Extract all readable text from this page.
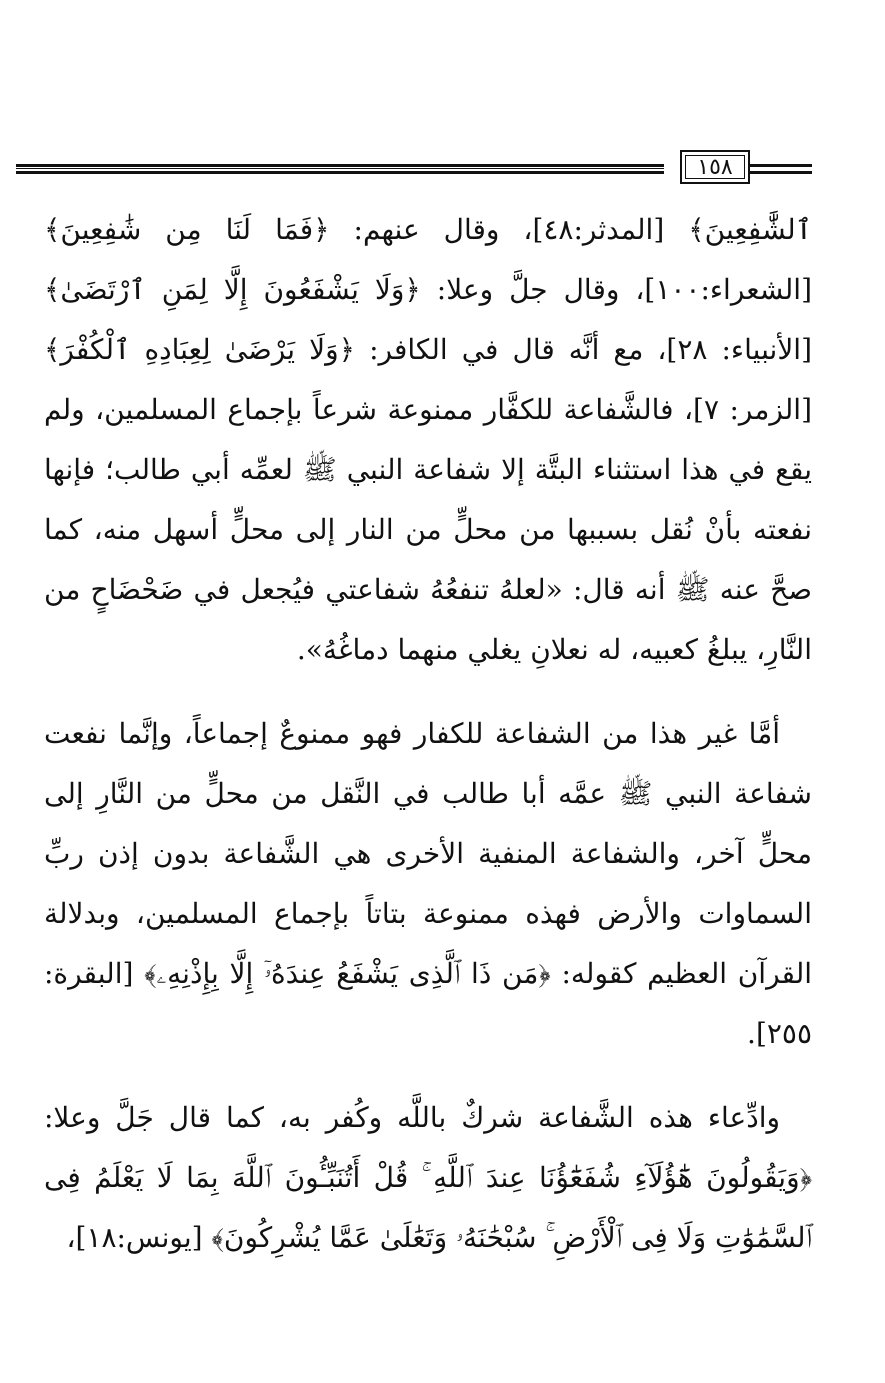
١٥٨

ٱلشَّٰفِعِينَ﴾ [المدثر:٤٨]، وقال عنهم: ﴿فَمَا لَنَا مِن شَٰفِعِينَ﴾ [الشعراء:١٠٠]، وقال جلَّ وعلا: ﴿وَلَا يَشْفَعُونَ إِلَّا لِمَنِ ٱرْتَضَىٰ﴾ [الأنبياء: ٢٨]، مع أنَّه قال في الكافر: ﴿وَلَا يَرْضَىٰ لِعِبَادِهِ ٱلْكُفْرَ﴾ [الزمر: ٧]، فالشَّفاعة للكفَّار ممنوعة شرعاً بإجماع المسلمين، ولم يقع في هذا استثناء البتَّة إلا شفاعة النبي ﷺ لعمِّه أبي طالب؛ فإنها نفعته بأنْ نُقل بسببها من محلٍّ من النار إلى محلٍّ أسهل منه، كما صحَّ عنه ﷺ أنه قال: «لعلهُ تنفعُهُ شفاعتي فيُجعل في ضَحْضَاحٍ من النَّارِ، يبلغُ كعبيه، له نعلانِ يغلي منهما دماغُهُ».

أمَّا غير هذا من الشفاعة للكفار فهو ممنوعٌ إجماعاً، وإنَّما نفعت شفاعة النبي ﷺ عمَّه أبا طالب في النَّقل من محلٍّ من النَّارِ إلى محلٍّ آخر، والشفاعة المنفية الأخرى هي الشَّفاعة بدون إذن ربِّ السماوات والأرض فهذه ممنوعة بتاتاً بإجماع المسلمين، وبدلالة القرآن العظيم كقوله: ﴿مَن ذَا ٱلَّذِى يَشْفَعُ عِندَهُۥٓ إِلَّا بِإِذْنِهِۦ﴾ [البقرة: ٢٥٥].

وادِّعاء هذه الشَّفاعة شركٌ باللَّه وكُفر به، كما قال جَلَّ وعلا: ﴿وَيَقُولُونَ هَٰٓؤُلَآءِ شُفَعَٰٓؤُنَا عِندَ ٱللَّهِ ۚ قُلْ أَتُنَبِّـُٔونَ ٱللَّهَ بِمَا لَا يَعْلَمُ فِى ٱلسَّمَٰوَٰتِ وَلَا فِى ٱلْأَرْضِ ۚ سُبْحَٰنَهُۥ وَتَعَٰلَىٰ عَمَّا يُشْرِكُونَ﴾ [يونس:١٨]،
